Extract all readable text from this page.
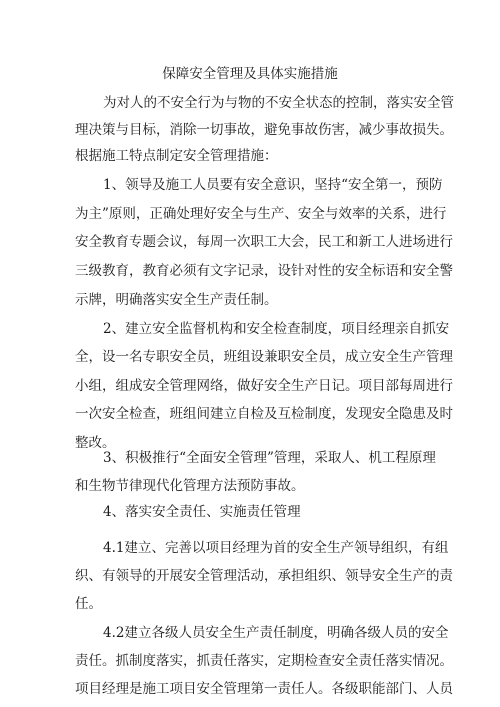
保障安全管理及具体实施措施

为对人的不安全行为与物的不安全状态的控制，落实安全管

理决策与目标，消除一切事故，避免事故伤害，减少事故损失。

根据施工特点制定安全管理措施：

1、领导及施工人员要有安全意识，坚持“安全第一，预防

为主”原则，正确处理好安全与生产、安全与效率的关系，进行

安全教育专题会议，每周一次职工大会，民工和新工人进场进行

三级教育，教育必须有文字记录，设针对性的安全标语和安全警

示牌，明确落实安全生产责任制。

2、建立安全监督机构和安全检查制度，项目经理亲自抓安

全，设一名专职安全员，班组设兼职安全员，成立安全生产管理

小组，组成安全管理网络，做好安全生产日记。项目部每周进行

一次安全检查，班组间建立自检及互检制度，发现安全隐患及时

整改。

3、积极推行“全面安全管理”管理，采取人、机工程原理

和生物节律现代化管理方法预防事故。

4、落实安全责任、实施责任管理

4.1建立、完善以项目经理为首的安全生产领导组织，有组

织、有领导的开展安全管理活动，承担组织、领导安全生产的责

任。

4.2建立各级人员安全生产责任制度，明确各级人员的安全

责任。抓制度落实，抓责任落实，定期检查安全责任落实情况。

项目经理是施工项目安全管理第一责任人。各级职能部门、人员
